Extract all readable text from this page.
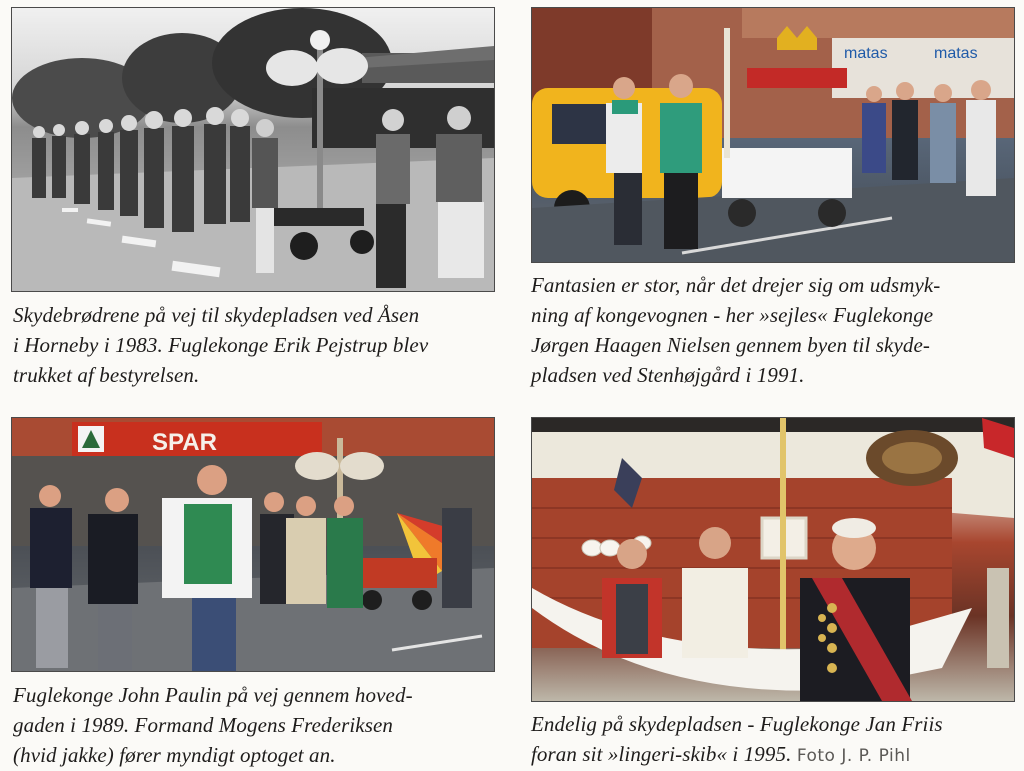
Skydebrødrene på vej til skydepladsen ved Åsen
i Horneby i 1983. Fuglekonge Erik Pejstrup blev
trukket af bestyrelsen.

matas	matas

Fantasien er stor, når det drejer sig om udsmyk-
ning af kongevognen - her »sejles« Fuglekonge
Jørgen Haagen Nielsen gennem byen til skyde-
pladsen ved Stenhøjgård i 1991.

SPAR

Fuglekonge John Paulin på vej gennem hoved-
gaden i 1989. Formand Mogens Frederiksen
(hvid jakke) fører myndigt optoget an.

Endelig på skydepladsen - Fuglekonge Jan Friis
foran sit »lingeri-skib« i 1995. Foto J. P. Pihl
